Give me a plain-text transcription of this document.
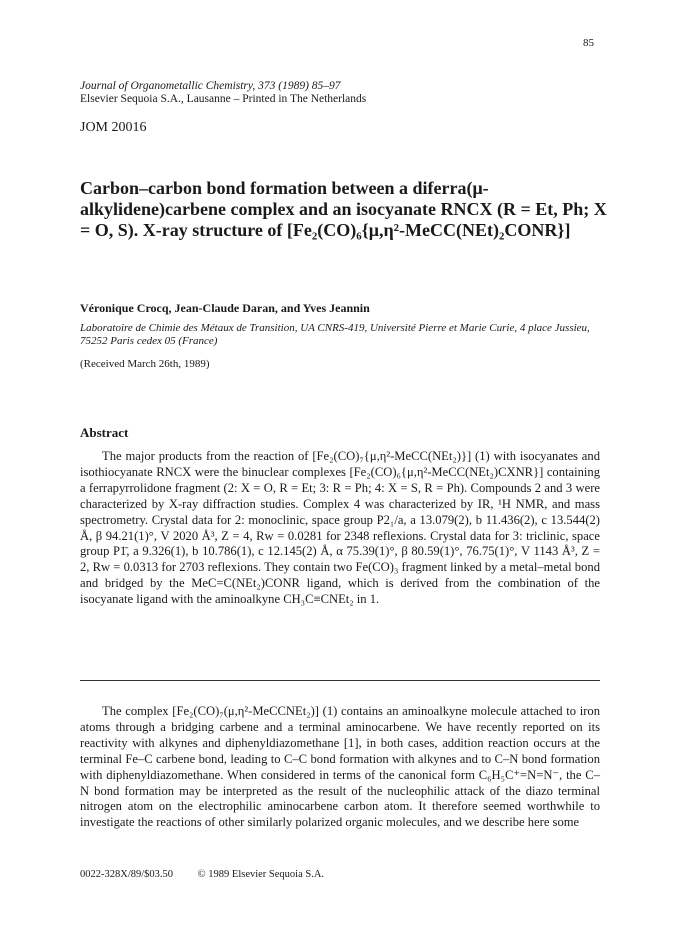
85
Journal of Organometallic Chemistry, 373 (1989) 85–97
Elsevier Sequoia S.A., Lausanne – Printed in The Netherlands
JOM 20016
Carbon–carbon bond formation between a diferra(μ-alkylidene)carbene complex and an isocyanate RNCX (R = Et, Ph; X = O, S). X-ray structure of [Fe₂(CO)₆{μ,η²-MeCC(NEt)₂CONR}]
Véronique Crocq, Jean-Claude Daran, and Yves Jeannin
Laboratoire de Chimie des Métaux de Transition, UA CNRS-419, Université Pierre et Marie Curie, 4 place Jussieu, 75252 Paris cedex 05 (France)
(Received March 26th, 1989)
Abstract

The major products from the reaction of [Fe₂(CO)₇{μ,η²-MeCC(NEt₂)}] (1) with isocyanates and isothiocyanate RNCX were the binuclear complexes [Fe₂(CO)₆{μ,η²-MeCC(NEt₂)CXNR}] containing a ferrapyrrolidone fragment (2: X = O, R = Et; 3: R = Ph; 4: X = S, R = Ph). Compounds 2 and 3 were characterized by X-ray diffraction studies. Complex 4 was characterized by IR, ¹H NMR, and mass spectrometry. Crystal data for 2: monoclinic, space group P2₁/a, a 13.079(2), b 11.436(2), c 13.544(2) Å, β 94.21(1)°, V 2020 Å³, Z = 4, Rw = 0.0281 for 2348 reflexions. Crystal data for 3: triclinic, space group P1̄, a 9.326(1), b 10.786(1), c 12.145(2) Å, α 75.39(1)°, β 80.59(1)°, 76.75(1)°, V 1143 Å³, Z = 2, Rw = 0.0313 for 2703 reflexions. They contain two Fe(CO)₃ fragment linked by a metal–metal bond and bridged by the MeC=C(NEt₂)CONR ligand, which is derived from the combination of the isocyanate ligand with the aminoalkyne CH₃C≡CNEt₂ in 1.

The complex [Fe₂(CO)₇(μ,η²-MeCCNEt₂)] (1) contains an aminoalkyne molecule attached to iron atoms through a bridging carbene and a terminal aminocarbene. We have recently reported on its reactivity with alkynes and diphenyldiazomethane [1], in both cases, addition reaction occurs at the terminal Fe–C carbene bond, leading to C–C bond formation with alkynes and to C–N bond formation with diphenyldiazomethane. When considered in terms of the canonical form C₆H₅C⁺=N=N⁻, the C–N bond formation may be interpreted as the result of the nucleophilic attack of the diazo terminal nitrogen atom on the electrophilic aminocarbene carbon atom. It therefore seemed worthwhile to investigate the reactions of other similarly polarized organic molecules, and we describe here some

0022-328X/89/$03.50 © 1989 Elsevier Sequoia S.A.
